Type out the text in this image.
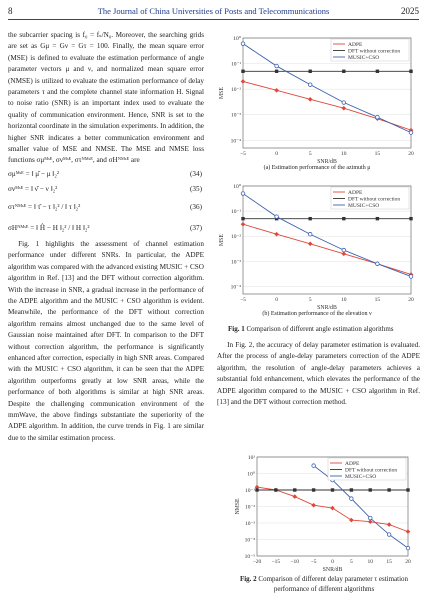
8	The Journal of China Universities of Posts and Telecommunications	2025

the subcarrier spacing is f₀ = fₛ/N₀. Moreover, the searching grids are set as Gμ = Gν = Gτ = 100. Finally, the mean square error (MSE) is defined to evaluate the estimation performance of angle parameter vectors μ and ν, and normalized mean square error (NMSE) is utilized to evaluate the estimation performance of delay parameters τ and the complete channel state information H. Signal to noise ratio (SNR) is an important index used to evaluate the quality of communication environment. Hence, SNR is set to the horizontal coordinate in the simulation experiments. In addition, the higher SNR indicates a better communication environment and smaller value of MSE and NMSE. The MSE and NMSE loss functions σμᴹˢᴱ, σνᴹˢᴱ, στᴺᴹˢᴱ, and σHᴺᴹˢᴱ are

σμᴹˢᴱ = ‖ μ̂ − μ ‖₂²	(34)
σνᴹˢᴱ = ‖ ν̂ − ν ‖₂²	(35)
στᴺᴹˢᴱ = ‖ τ̂ − τ ‖₂² / ‖ τ ‖₂²	(36)
σHᴺᴹˢᴱ = ‖ Ĥ − H ‖₂² / ‖ H ‖₂²	(37)

Fig. 1 highlights the assessment of channel estimation performance under different SNRs. In particular, the ADPE algorithm was compared with the advanced existing MUSIC + CSO algorithm in Ref. [13] and the DFT without correction algorithm. With the increase in SNR, a gradual increase in the performance of the ADPE algorithm and the MUSIC + CSO algorithm is evident. Meanwhile, the performance of the DFT without correction algorithm remains almost unchanged due to the same level of Gaussian noise maintained after DFT. In comparison to the DFT without correction algorithm, the performance is significantly enhanced after correction, especially in high SNR areas. Compared with the MUSIC + CSO algorithm, it can be seen that the ADPE algorithm outperforms greatly at low SNR areas, while the performance of both algorithms is similar at high SNR areas. Despite the challenging communication environment of the mmWave, the above findings substantiate the superiority of the ADPE algorithm. In addition, the curve trends in Fig. 1 are similar due to the similar estimation process.

10⁰
10⁻¹
10⁻²
10⁻³
10⁻⁴
−5	0	5	10	15	20
SNR/dB
MSE
ADPE
DFT without correction
MUSIC+CSO
(a) Estimation performance of the azimuth μ
10⁰
10⁻¹
10⁻²
10⁻³
10⁻⁴
−5	0	5	10	15	20
SNR/dB
MSE
ADPE
DFT without correction
MUSIC+CSO
(b) Estimation performance of the elevation ν
Fig. 1 Comparison of different angle estimation algorithms

In Fig. 2, the accuracy of delay parameter estimation is evaluated. After the process of angle-delay parameters correction of the ADPE algorithm, the resolution of angle-delay parameters achieves a substantial fold enhancement, which elevates the performance of the ADPE algorithm compared to the MUSIC + CSO algorithm in Ref. [13] and the DFT without correction method.

10¹
10⁰
10⁻¹
10⁻²
10⁻³
10⁻⁴
10⁻⁵
−20 −15 −10 −5	0	5	10 15 20
SNR/dB
NMSE
ADPE
DFT without correction
MUSIC+CSO
Fig. 2 Comparison of different delay parameter τ estimation performance of different algorithms
